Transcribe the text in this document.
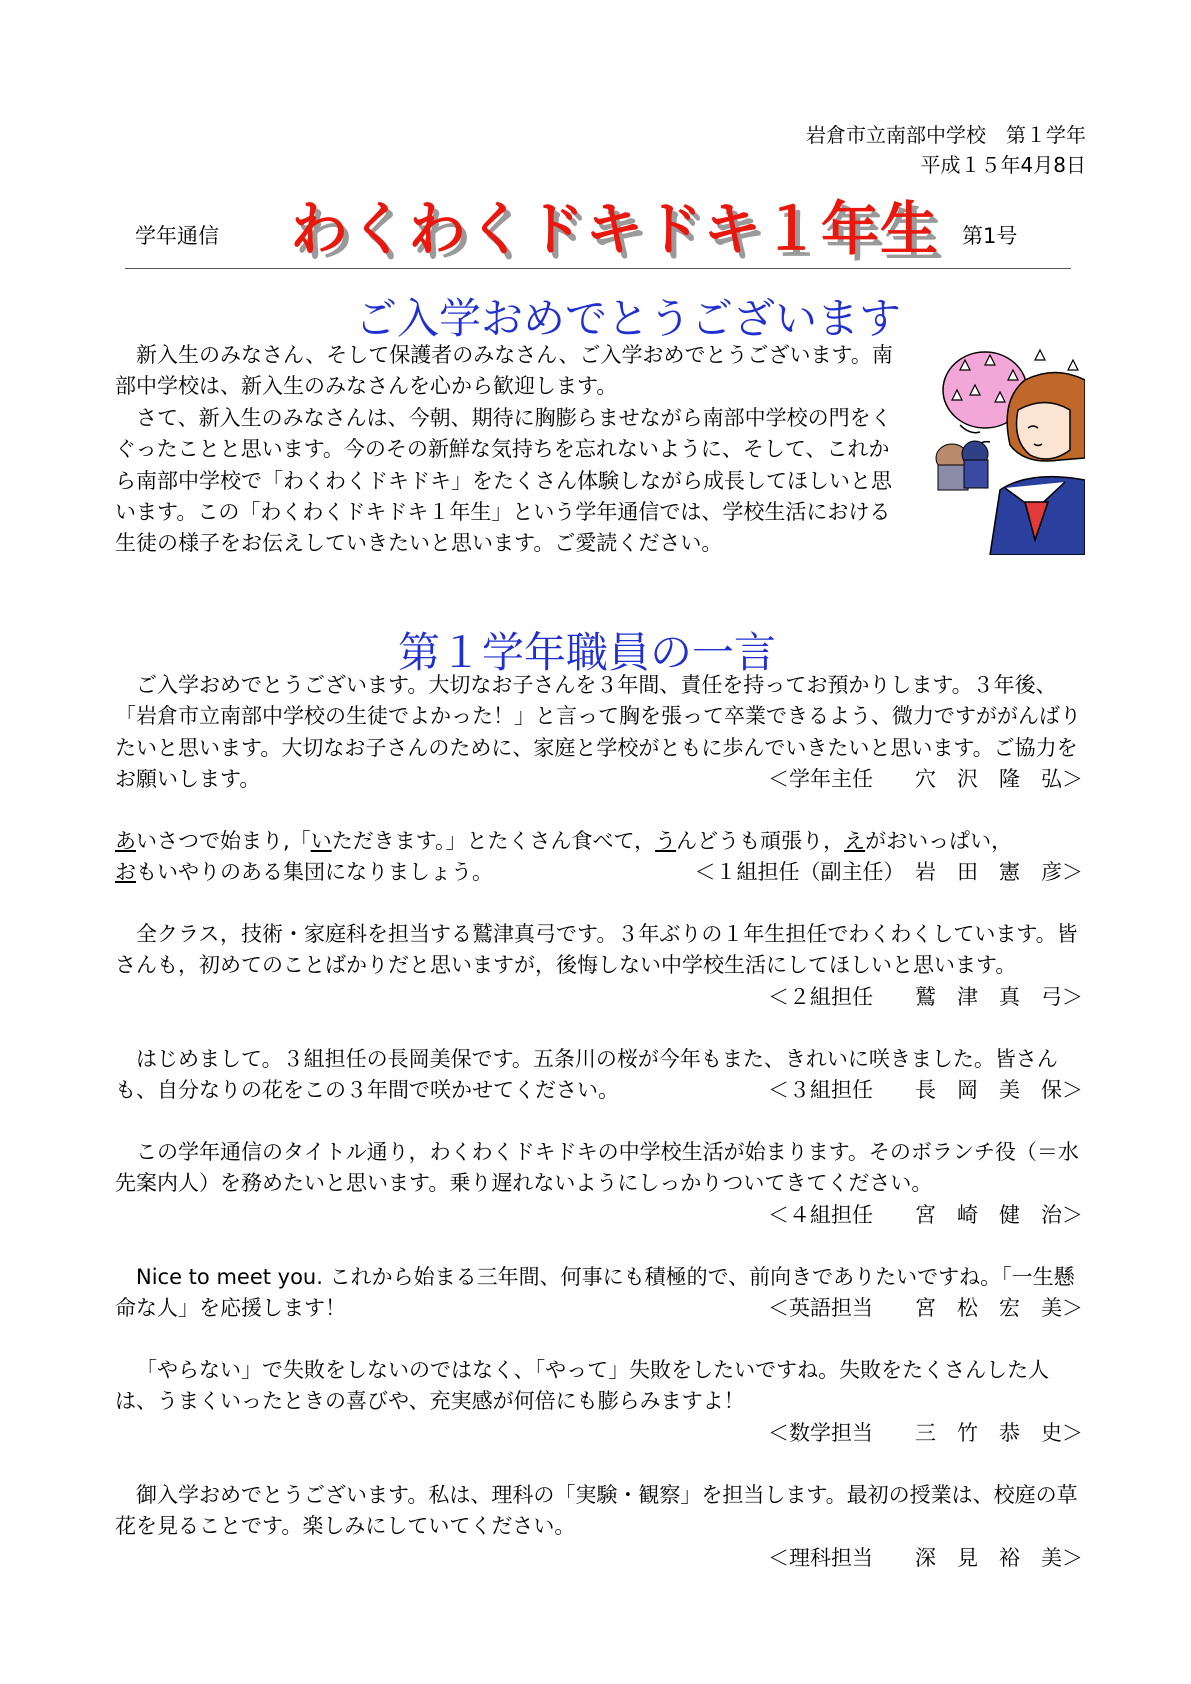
岩倉市立南部中学校　第１学年
平成１５年4月8日
学年通信 わくわくドキドキ１年生 第1号
ご入学おめでとうございます

新入生のみなさん、そして保護者のみなさん、ご入学おめでとうございます。南部中学校は、新入生のみなさんを心から歓迎します。

さて、新入生のみなさんは、今朝、期待に胸膨らませながら南部中学校の門をくぐったことと思います。今のその新鮮な気持ちを忘れないように、そして、これから南部中学校で「わくわくドキドキ」をたくさん体験しながら成長してほしいと思います。この「わくわくドキドキ１年生」という学年通信では、学校生活における生徒の様子をお伝えしていきたいと思います。ご愛読ください。

第１学年職員の一言

ご入学おめでとうございます。大切なお子さんを３年間、責任を持ってお預かりします。３年後、「岩倉市立南部中学校の生徒でよかった！」と言って胸を張って卒業できるよう、微力ですががんばりたいと思います。大切なお子さんのために、家庭と学校がともに歩んでいきたいと思います。ご協力をお願いします。	＜学年主任　　穴　沢　隆　弘＞

あいさつで始まり,「いただきます。」とたくさん食べて，うんどうも頑張り，えがおいっぱい，
おもいやりのある集団になりましょう。	＜１組担任（副主任）　岩　田　憲　彦＞

全クラス，技術・家庭科を担当する鷲津真弓です。３年ぶりの１年生担任でわくわくしています。皆さんも，初めてのことばかりだと思いますが，後悔しない中学校生活にしてほしいと思います。

＜２組担任　　鷲　津　真　弓＞

はじめまして。３組担任の長岡美保です。五条川の桜が今年もまた、きれいに咲きました。皆さんも、自分なりの花をこの３年間で咲かせてください。	＜３組担任　　長　岡　美　保＞

この学年通信のタイトル通り，わくわくドキドキの中学校生活が始まります。そのボランチ役（＝水先案内人）を務めたいと思います。乗り遅れないようにしっかりついてきてください。

＜４組担任　　宮　崎　健　治＞

Nice to meet you. これから始まる三年間、何事にも積極的で、前向きでありたいですね。「一生懸命な人」を応援します！	＜英語担当　　宮　松　宏　美＞

「やらない」で失敗をしないのではなく、「やって」失敗をしたいですね。失敗をたくさんした人は、うまくいったときの喜びや、充実感が何倍にも膨らみますよ！

＜数学担当　　三　竹　恭　史＞

御入学おめでとうございます。私は、理科の「実験・観察」を担当します。最初の授業は、校庭の草花を見ることです。楽しみにしていてください。

＜理科担当　　深　見　裕　美＞
